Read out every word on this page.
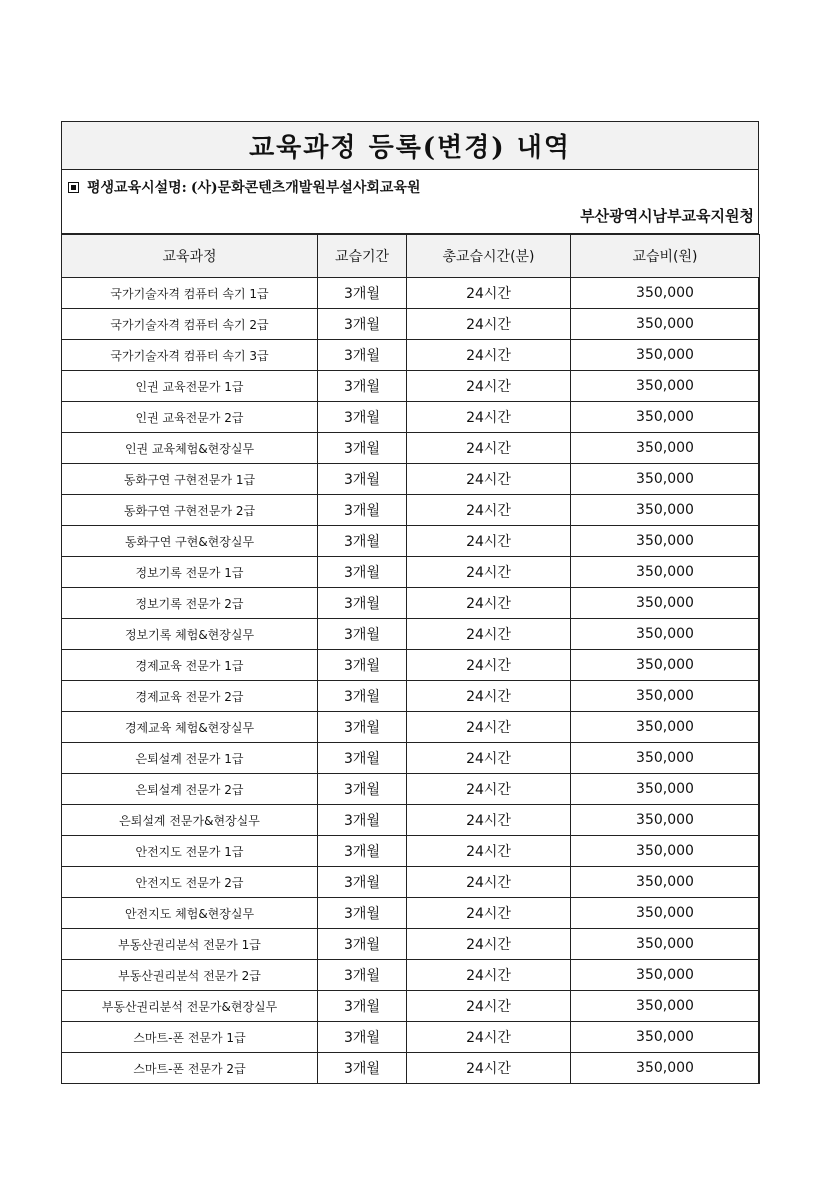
교육과정 등록(변경) 내역
평생교육시설명: (사)문화콘텐츠개발원부설사회교육원
부산광역시남부교육지원청
교육과정	교습기간	총교습시간(분)	교습비(원)
국가기술자격 컴퓨터 속기 1급	3개월	24시간	350,000
국가기술자격 컴퓨터 속기 2급	3개월	24시간	350,000
국가기술자격 컴퓨터 속기 3급	3개월	24시간	350,000
인권 교육전문가 1급	3개월	24시간	350,000
인권 교육전문가 2급	3개월	24시간	350,000
인권 교육체험&현장실무	3개월	24시간	350,000
동화구연 구현전문가 1급	3개월	24시간	350,000
동화구연 구현전문가 2급	3개월	24시간	350,000
동화구연 구현&현장실무	3개월	24시간	350,000
정보기록 전문가 1급	3개월	24시간	350,000
정보기록 전문가 2급	3개월	24시간	350,000
정보기록 체험&현장실무	3개월	24시간	350,000
경제교육 전문가 1급	3개월	24시간	350,000
경제교육 전문가 2급	3개월	24시간	350,000
경제교육 체험&현장실무	3개월	24시간	350,000
은퇴설계 전문가 1급	3개월	24시간	350,000
은퇴설계 전문가 2급	3개월	24시간	350,000
은퇴설계 전문가&현장실무	3개월	24시간	350,000
안전지도 전문가 1급	3개월	24시간	350,000
안전지도 전문가 2급	3개월	24시간	350,000
안전지도 체험&현장실무	3개월	24시간	350,000
부동산권리분석 전문가 1급	3개월	24시간	350,000
부동산권리분석 전문가 2급	3개월	24시간	350,000
부동산권리분석 전문가&현장실무	3개월	24시간	350,000
스마트-폰 전문가 1급	3개월	24시간	350,000
스마트-폰 전문가 2급	3개월	24시간	350,000
